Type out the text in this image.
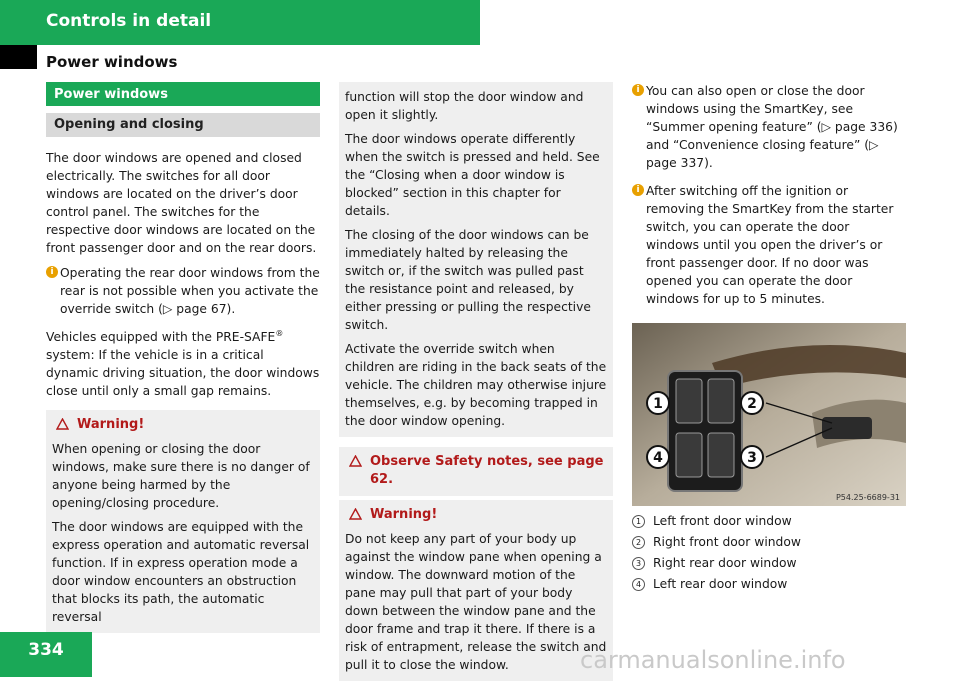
Controls in detail
Power windows
Power windows
Opening and closing

The door windows are opened and closed electrically. The switches for all door windows are located on the driver’s door control panel. The switches for the respective door windows are located on the front passenger door and on the rear doors.

i Operating the rear door windows from the rear is not possible when you activate the override switch (▷ page 67).

Vehicles equipped with the PRE-SAFE® system: If the vehicle is in a critical dynamic driving situation, the door windows close until only a small gap remains.

Warning!

When opening or closing the door windows, make sure there is no danger of anyone being harmed by the opening/closing procedure.

The door windows are equipped with the express operation and automatic reversal function. If in express operation mode a door window encounters an obstruction that blocks its path, the automatic reversal

function will stop the door window and open it slightly.

The door windows operate differently when the switch is pressed and held. See the “Closing when a door window is blocked” section in this chapter for details.

The closing of the door windows can be immediately halted by releasing the switch or, if the switch was pulled past the resistance point and released, by either pressing or pulling the respective switch.

Activate the override switch when children are riding in the back seats of the vehicle. The children may otherwise injure themselves, e.g. by becoming trapped in the door window opening.

Observe Safety notes, see page 62.
Warning!

Do not keep any part of your body up against the window pane when opening a window. The downward motion of the pane may pull that part of your body down between the window pane and the door frame and trap it there. If there is a risk of entrapment, release the switch and pull it to close the window.

i You can also open or close the door windows using the SmartKey, see “Summer opening feature” (▷ page 336) and “Convenience closing feature” (▷ page 337).
i After switching off the ignition or removing the SmartKey from the starter switch, you can operate the door windows until you open the driver’s or front passenger door. If no door was opened you can operate the door windows for up to 5 minutes.
1	2
3
4
P54.25-6689-31
1 Left front door window
2 Right front door window
3 Right rear door window
4 Left rear door window
334	carmanualsonline.info
